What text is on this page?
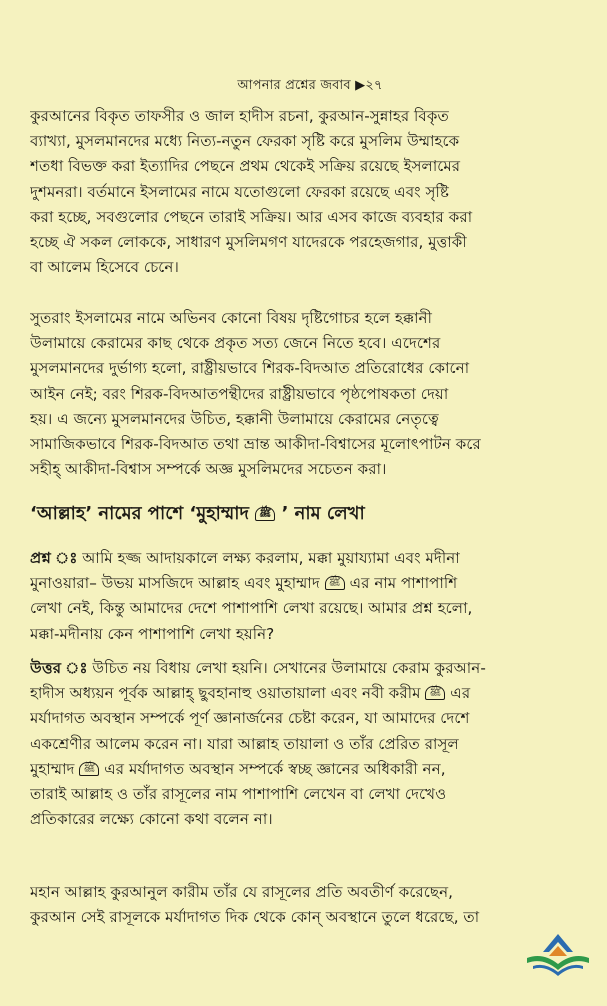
আপনার প্রশ্নের জবাব ▶২৭
কুরআনের বিকৃত তাফসীর ও জাল হাদীস রচনা, কুরআন-সুন্নাহর বিকৃত
ব্যাখ্যা, মুসলমানদের মধ্যে নিত্য-নতুন ফেরকা সৃষ্টি করে মুসলিম উম্মাহকে
শতধা বিভক্ত করা ইত্যাদির পেছনে প্রথম থেকেই সক্রিয় রয়েছে ইসলামের
দুশমনরা। বর্তমানে ইসলামের নামে যতোগুলো ফেরকা রয়েছে এবং সৃষ্টি
করা হচ্ছে, সবগুলোর পেছনে তারাই সক্রিয়। আর এসব কাজে ব্যবহার করা
হচ্ছে ঐ সকল লোককে, সাধারণ মুসলিমগণ যাদেরকে পরহেজগার, মুত্তাকী
বা আলেম হিসেবে চেনে।
সুতরাং ইসলামের নামে অভিনব কোনো বিষয় দৃষ্টিগোচর হলে হক্কানী
উলামায়ে কেরামের কাছ থেকে প্রকৃত সত্য জেনে নিতে হবে। এদেশের
মুসলমানদের দুর্ভাগ্য হলো, রাষ্ট্রীয়ভাবে শিরক-বিদআত প্রতিরোধের কোনো
আইন নেই; বরং শিরক-বিদআতপন্থীদের রাষ্ট্রীয়ভাবে পৃষ্ঠপোষকতা দেয়া
হয়। এ জন্যে মুসলমানদের উচিত, হক্কানী উলামায়ে কেরামের নেতৃত্বে
সামাজিকভাবে শিরক-বিদআত তথা ভ্রান্ত আকীদা-বিশ্বাসের মূলোৎপাটন করে
সহীহ্ আকীদা-বিশ্বাস সম্পর্কে অজ্ঞ মুসলিমদের সচেতন করা।
‘আল্লাহ’ নামের পাশে ‘মুহাম্মাদ ﷺ ’ নাম লেখা
প্রশ্ন ঃ আমি হজ্জ আদায়কালে লক্ষ্য করলাম, মক্কা মুয়ায্যামা এবং মদীনা
মুনাওয়ারা– উভয় মাসজিদে আল্লাহ এবং মুহাম্মাদ ﷺ এর নাম পাশাপাশি
লেখা নেই, কিন্তু আমাদের দেশে পাশাপাশি লেখা রয়েছে। আমার প্রশ্ন হলো,
মক্কা-মদীনায় কেন পাশাপাশি লেখা হয়নি?
উত্তর ঃ উচিত নয় বিধায় লেখা হয়নি। সেখানের উলামায়ে কেরাম কুরআন-
হাদীস অধ্যয়ন পূর্বক আল্লাহ্ ছুবহানাহু ওয়াতায়ালা এবং নবী করীম ﷺ এর
মর্যাদাগত অবস্থান সম্পর্কে পূর্ণ জ্ঞানার্জনের চেষ্টা করেন, যা আমাদের দেশে
একশ্রেণীর আলেম করেন না। যারা আল্লাহ তায়ালা ও তাঁর প্রেরিত রাসূল
মুহাম্মাদ ﷺ এর মর্যাদাগত অবস্থান সম্পর্কে স্বচ্ছ জ্ঞানের অধিকারী নন,
তারাই আল্লাহ ও তাঁর রাসূলের নাম পাশাপাশি লেখেন বা লেখা দেখেও
প্রতিকারের লক্ষ্যে কোনো কথা বলেন না।
মহান আল্লাহ কুরআনুল কারীম তাঁর যে রাসূলের প্রতি অবতীর্ণ করেছেন,
কুরআন সেই রাসূলকে মর্যাদাগত দিক থেকে কোন্ অবস্থানে তুলে ধরেছে, তা
